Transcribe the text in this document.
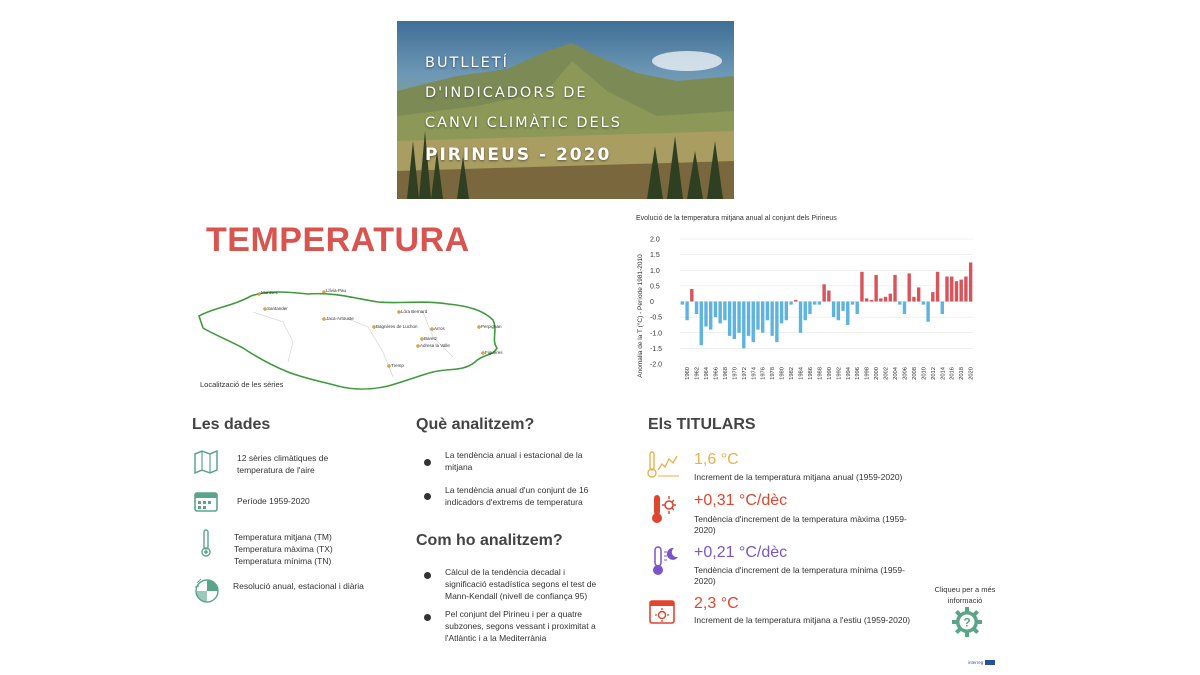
BUTLLETÍ
D'INDICADORS DE
CANVI CLIMÀTIC DELS
PIRINEUS - 2020
TEMPERATURA
Montsec	Llívia-Pau
Santander
Jaca-Artouste
Lóra Bernard
Bagnères de Luchon	Arros	Perpignan
Baretz
Adresa la Valle
Figueres
Tremp
Localització de les sèries
Evolució de la temperatura mitjana anual al conjunt dels Pirineus
Anomalia de la T (°C) - Període 1981-2010
2.0
1.5
1.0
0.5
0
-0.5
-1.0
-1.5
-2.0
1960 1962 1964 1966 1968 1970 1972 1974 1976 1978 1980 1982 1984 1986 1988 1990 1992 1994 1996 1998 2000 2002 2004 2006 2008 2010 2012 2014 2016 2018 2020
Les dades
12 sèries climàtiques de temperatura de l'aire
Període 1959-2020
Temperatura mitjana (TM)
Temperatura màxima (TX)
Temperatura mínima (TN)
Resolució anual, estacional i diària
Què analitzem?
La tendència anual i estacional de la mitjana
La tendència anual d'un conjunt de 16 indicadors d'extrems de temperatura
Com ho analitzem?
Càlcul de la tendència decadal i significació estadística segons el test de Mann-Kendall (nivell de confiança 95)
Pel conjunt del Pirineu i per a quatre subzones, segons vessant i proximitat a l'Atlàntic i a la Mediterrània
Els TITULARS
1,6 °C
Increment de la temperatura mitjana anual (1959-2020)
+0,31 °C/dèc
Tendència d'increment de la temperatura màxima (1959-2020)
+0,21 °C/dèc
Tendència d'increment de la temperatura mínima (1959-2020)
2,3 °C
Increment de la temperatura mitjana a l'estiu (1959-2020)
Cliqueu per a més informació
?
interreg
